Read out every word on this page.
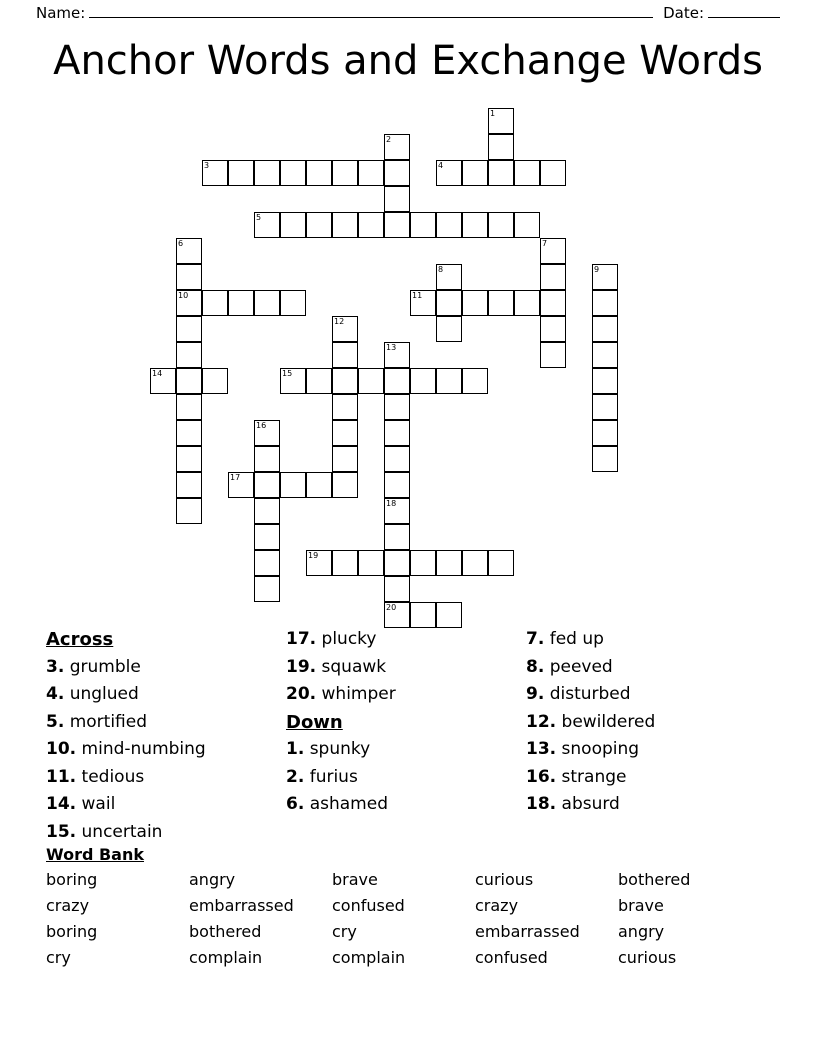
Name:	Date:
Anchor Words and Exchange Words
1
2
3	4
5
6
10
7
8	9
11
12
13
18
14	15
16
17
20
19
Across
3. grumble
4. unglued
5. mortified
10. mind-numbing
11. tedious
14. wail
15. uncertain
17. plucky
19. squawk
20. whimper
Down
1. spunky
2. furius
6. ashamed
7. fed up
8. peeved
9. disturbed
12. bewildered
13. snooping
16. strange
18. absurd
Word Bank
boring	angry	brave	curious	bothered
crazy	embarrassed	confused	crazy	brave
boring	bothered	cry	embarrassed	angry
cry	complain	complain	confused	curious
